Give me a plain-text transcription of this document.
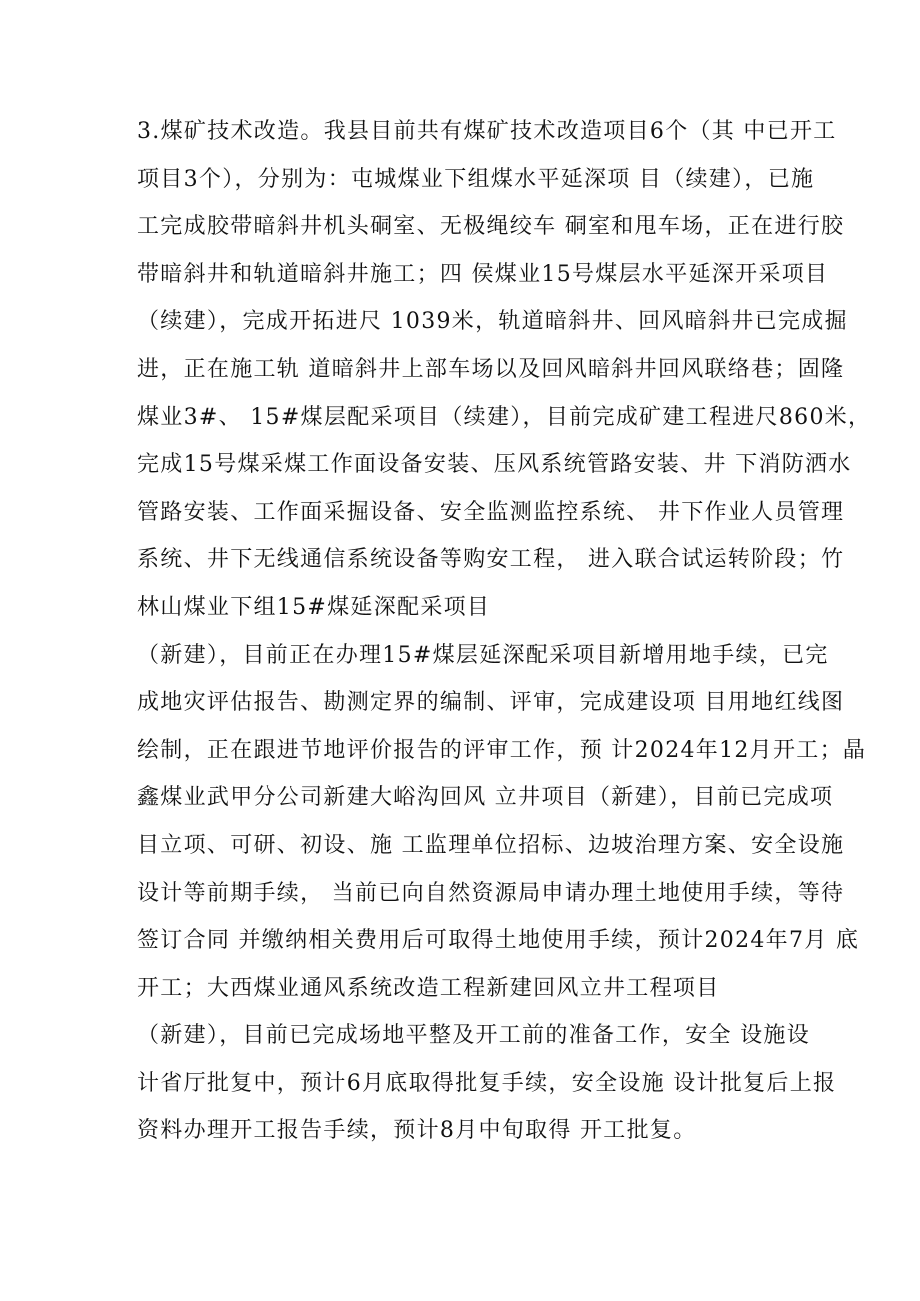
3.煤矿技术改造。我县目前共有煤矿技术改造项目6个（其 中已开工
项目3个），分别为：屯城煤业下组煤水平延深项 目（续建），已施
工完成胶带暗斜井机头硐室、无极绳绞车 硐室和甩车场，正在进行胶
带暗斜井和轨道暗斜井施工；四 侯煤业15号煤层水平延深开采项目
（续建），完成开拓进尺 1039米，轨道暗斜井、回风暗斜井已完成掘
进，正在施工轨 道暗斜井上部车场以及回风暗斜井回风联络巷；固隆
煤业3#、 15#煤层配采项目（续建），目前完成矿建工程进尺860米，
完成15号煤采煤工作面设备安装、压风系统管路安装、井 下消防洒水
管路安装、工作面采掘设备、安全监测监控系统、 井下作业人员管理
系统、井下无线通信系统设备等购安工程， 进入联合试运转阶段；竹
林山煤业下组15#煤延深配采项目
（新建），目前正在办理15#煤层延深配采项目新增用地手续，已完
成地灾评估报告、勘测定界的编制、评审，完成建设项 目用地红线图
绘制，正在跟进节地评价报告的评审工作，预 计2024年12月开工；晶
鑫煤业武甲分公司新建大峪沟回风 立井项目（新建），目前已完成项
目立项、可研、初设、施 工监理单位招标、边坡治理方案、安全设施
设计等前期手续， 当前已向自然资源局申请办理土地使用手续，等待
签订合同 并缴纳相关费用后可取得土地使用手续，预计2024年7月 底
开工；大西煤业通风系统改造工程新建回风立井工程项目
（新建），目前已完成场地平整及开工前的准备工作，安全 设施设
计省厅批复中，预计6月底取得批复手续，安全设施 设计批复后上报
资料办理开工报告手续，预计8月中旬取得 开工批复。
